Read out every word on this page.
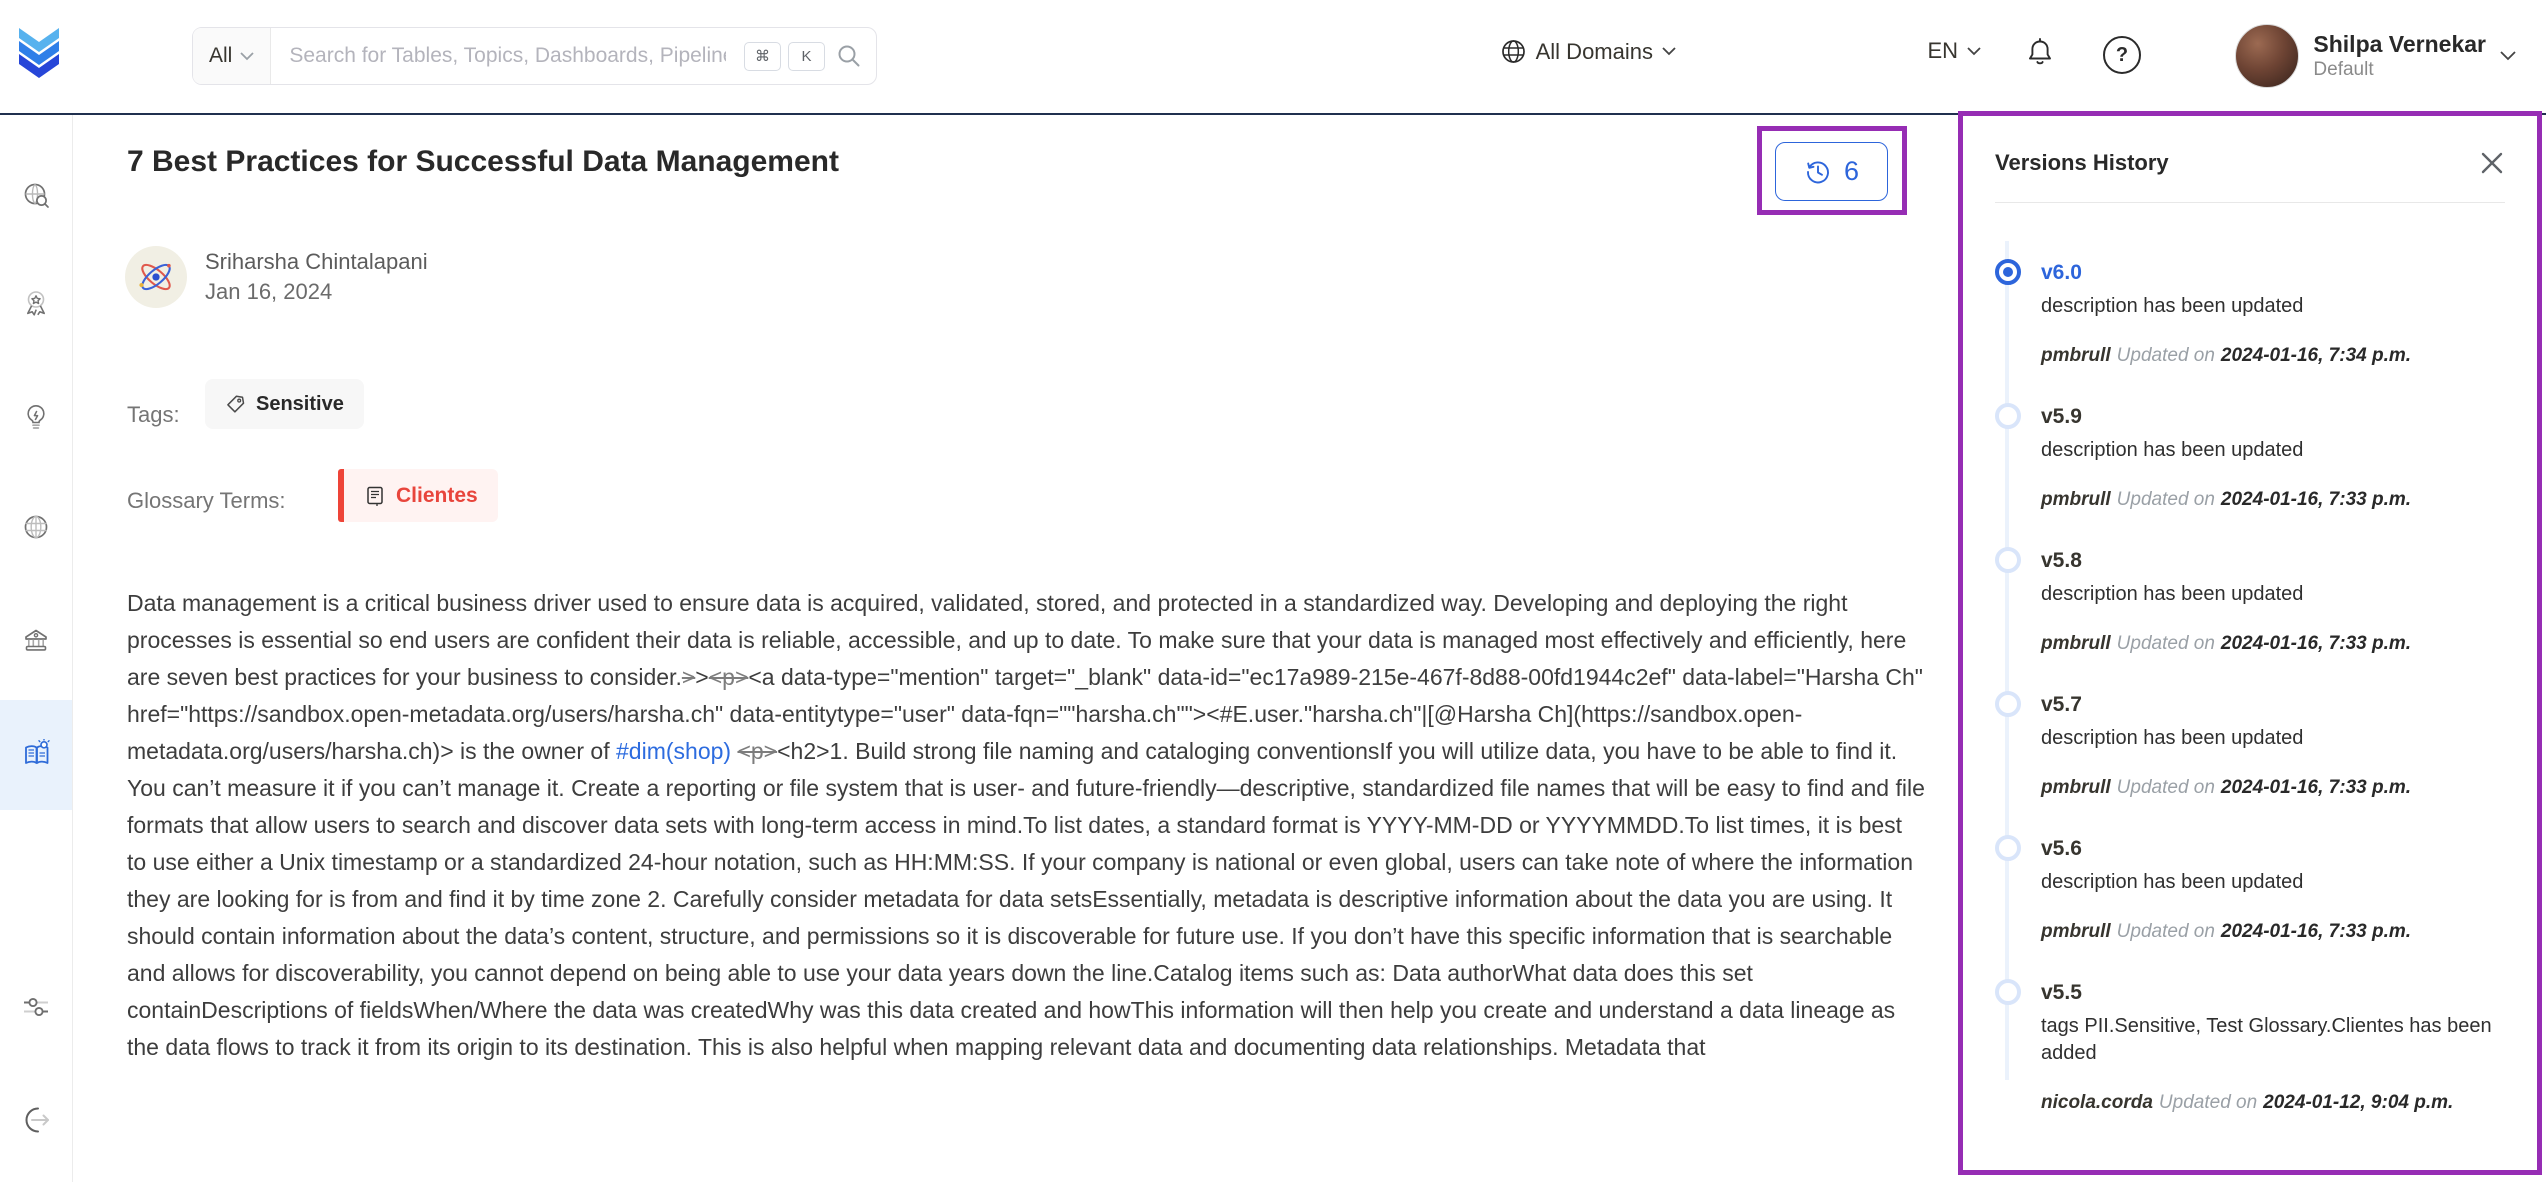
All
Search for Tables, Topics, Dashboards, Pipelines, ML Models, Gloss...	⌘	K	All Domains	EN	?	Shilpa Vernekar
Default
7 Best Practices for Successful Data Management	6
Sriharsha Chintalapani
Jan 16, 2024
Tags:	Sensitive
Glossary Terms:	Clientes
Data management is a critical business driver used to ensure data is acquired, validated, stored, and protected in a standardized way. Developing and deploying the right processes is essential so end users are confident their data is reliable, accessible, and up to date. To make sure that your data is managed most effectively and efficiently, here are seven best practices for your business to consider.>><p><a data-type="mention" target="_blank" data-id="ec17a989-215e-467f-8d88-00fd1944c2ef" data-label="Harsha Ch" href="https://sandbox.open-metadata.org/users/harsha.ch" data-entitytype="user" data-fqn=""harsha.ch""><#E.user."harsha.ch"|[@Harsha Ch](https://sandbox.open-metadata.org/users/harsha.ch)> is the owner of #dim(shop) <p><h2>1. Build strong file naming and cataloging conventionsIf you will utilize data, you have to be able to find it. You can’t measure it if you can’t manage it. Create a reporting or file system that is user- and future-friendly—descriptive, standardized file names that will be easy to find and file formats that allow users to search and discover data sets with long-term access in mind.To list dates, a standard format is YYYY-MM-DD or YYYYMMDD.To list times, it is best to use either a Unix timestamp or a standardized 24-hour notation, such as HH:MM:SS. If your company is national or even global, users can take note of where the information they are looking for is from and find it by time zone 2. Carefully consider metadata for data setsEssentially, metadata is descriptive information about the data you are using. It should contain information about the data’s content, structure, and permissions so it is discoverable for future use. If you don’t have this specific information that is searchable and allows for discoverability, you cannot depend on being able to use your data years down the line.Catalog items such as: Data authorWhat data does this set containDescriptions of fieldsWhen/Where the data was createdWhy was this data created and howThis information will then help you create and understand a data lineage as the data flows to track it from its origin to its destination. This is also helpful when mapping relevant data and documenting data relationships. Metadata that
Versions History
v6.0
description has been updated
pmbrull Updated on 2024-01-16, 7:34 p.m.
v5.9
description has been updated
pmbrull Updated on 2024-01-16, 7:33 p.m.
v5.8
description has been updated
pmbrull Updated on 2024-01-16, 7:33 p.m.
v5.7
description has been updated
pmbrull Updated on 2024-01-16, 7:33 p.m.
v5.6
description has been updated
pmbrull Updated on 2024-01-16, 7:33 p.m.
v5.5
tags PII.Sensitive, Test Glossary.Clientes has been added
nicola.corda Updated on 2024-01-12, 9:04 p.m.
